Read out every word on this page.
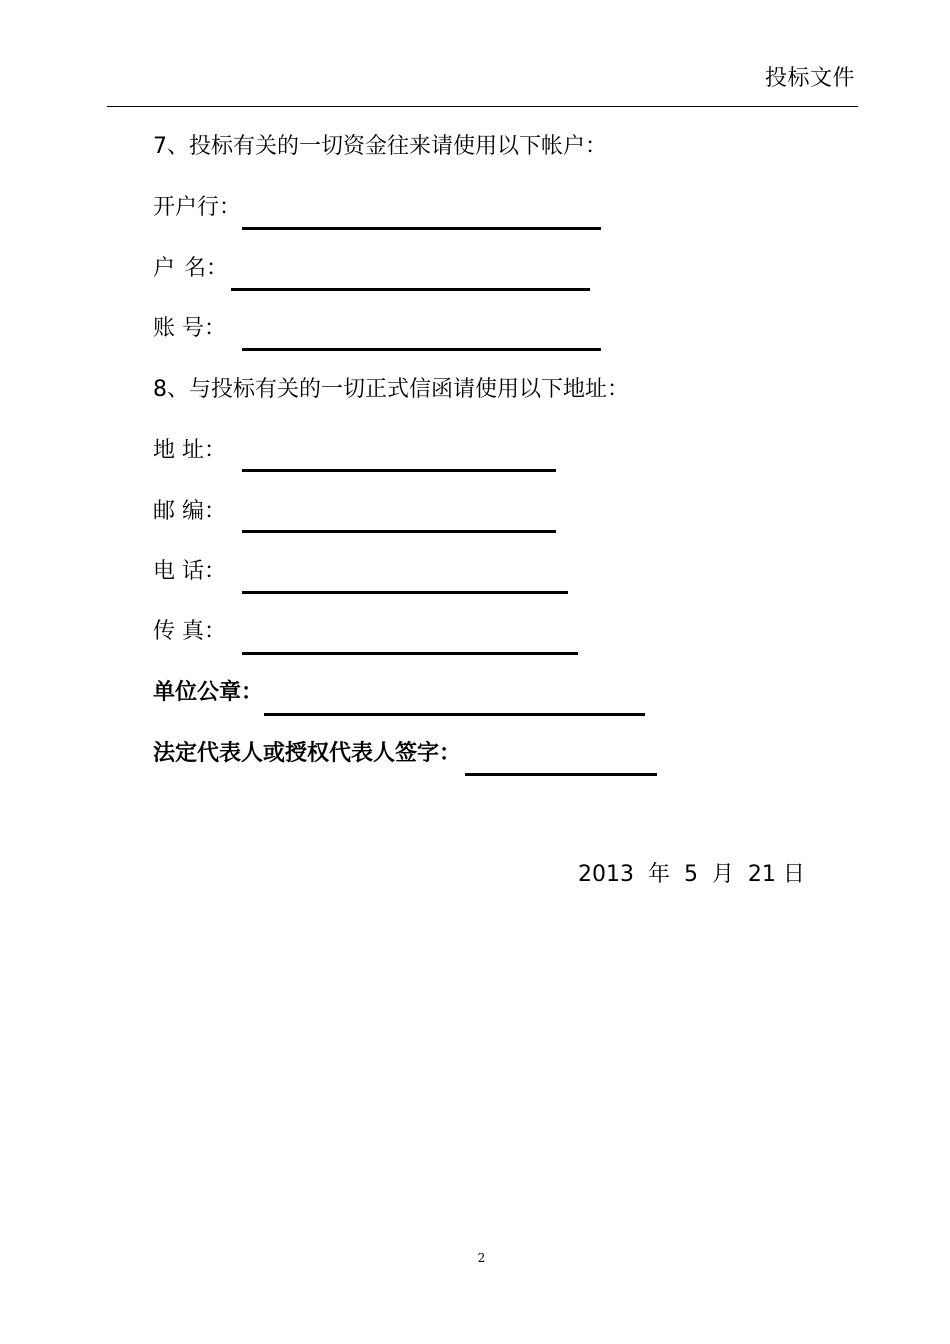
投标文件
7、投标有关的一切资金往来请使用以下帐户：
开户行：
户 名：
账 号：
8、与投标有关的一切正式信函请使用以下地址：
地 址：
邮 编：
电 话：
传 真：
单位公章：
法定代表人或授权代表人签字：
2013  年  5  月  21 日
2
